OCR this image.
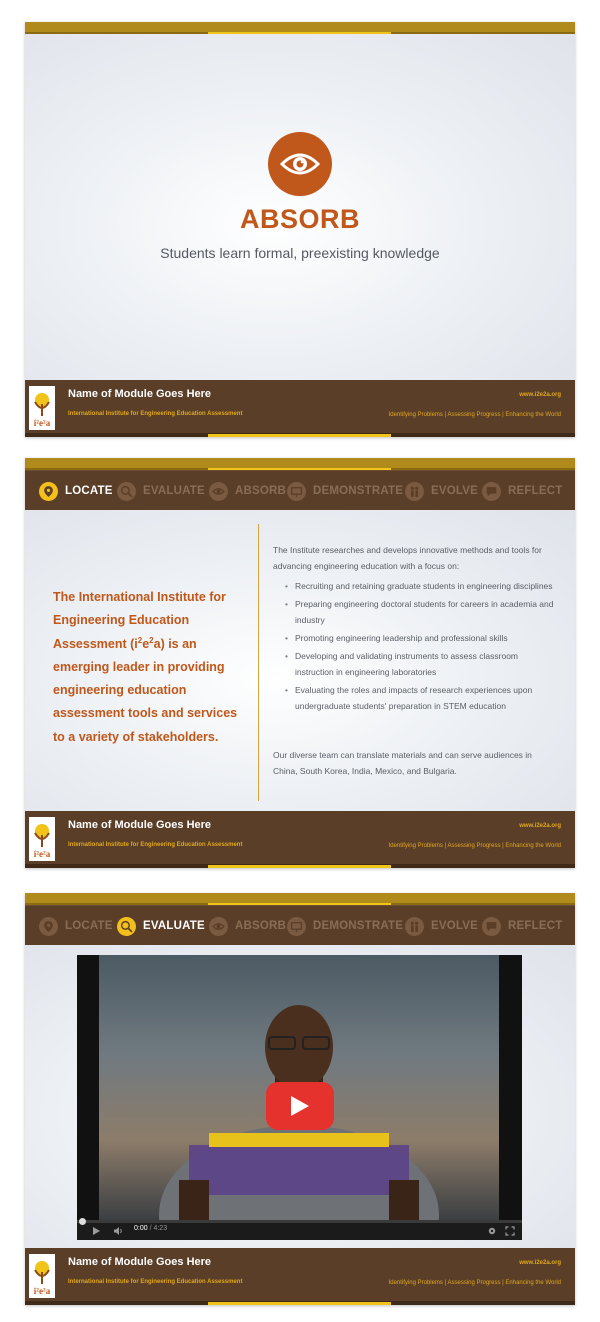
ABSORB
Students learn formal, preexisting knowledge
i²e²a
Name of Module Goes Here
International Institute for Engineering Education Assessment
www.i2e2a.org
Identifying Problems | Assessing Progress | Enhancing the World
LOCATE	EVALUATE	ABSORB DEMONSTRATE EVOLVE	REFLECT
The International Institute for Engineering Education Assessment $(i^2e^2a)$ is an emerging leader in providing engineering education assessment tools and services to a variety of stakeholders.
The Institute researches and develops innovative methods and tools for advancing engineering education with a focus on:
• Recruiting and retaining graduate students in engineering disciplines
• Preparing engineering doctoral students for careers in academia and industry
• Promoting engineering leadership and professional skills
• Developing and validating instruments to assess classroom instruction in engineering laboratories
• Evaluating the roles and impacts of research experiences upon undergraduate students' preparation in STEM education
Our diverse team can translate materials and can serve audiences in China, South Korea, India, Mexico, and Bulgaria.
i²e²a
Name of Module Goes Here
International Institute for Engineering Education Assessment
www.i2e2a.org
Identifying Problems | Assessing Progress | Enhancing the World
LOCATE	EVALUATE	ABSORB DEMONSTRATE EVOLVE	REFLECT
0:00 / 4:23
i²e²a
Name of Module Goes Here
International Institute for Engineering Education Assessment
www.i2e2a.org
Identifying Problems | Assessing Progress | Enhancing the World
